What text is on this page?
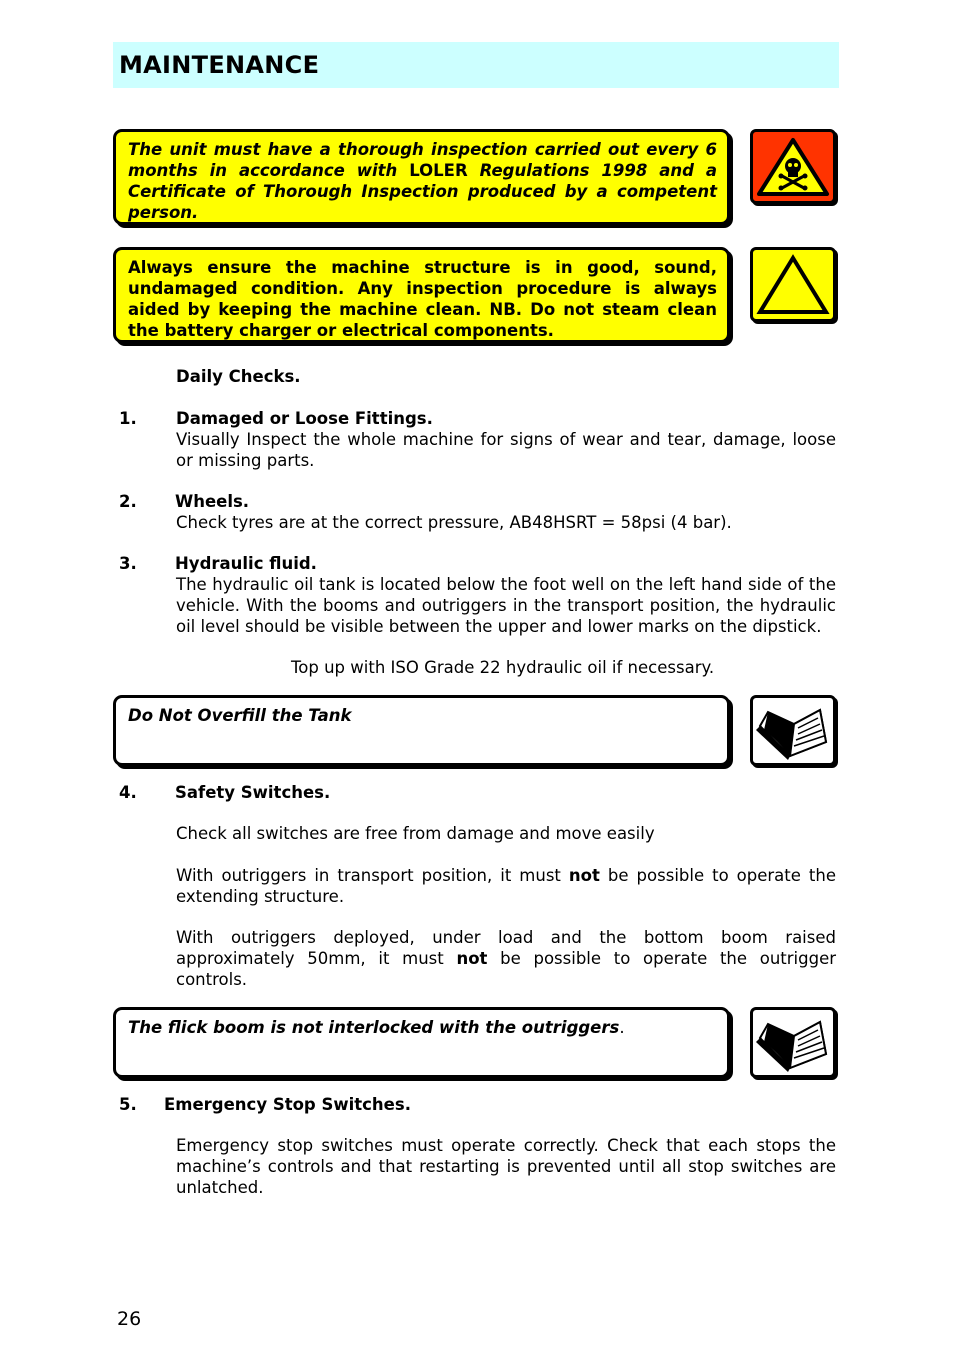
MAINTENANCE
The unit must have a thorough inspection carried out every 6 months in accordance with LOLER Regulations 1998 and a Certificate of Thorough Inspection produced by a competent person.
Always ensure the machine structure is in good, sound, undamaged condition. Any inspection procedure is always aided by keeping the machine clean. NB. Do not steam clean the battery charger or electrical components.
Daily Checks.
1. Damaged or Loose Fittings.
Visually Inspect the whole machine for signs of wear and tear, damage, loose or missing parts.
2. Wheels.
Check tyres are at the correct pressure, AB48HSRT = 58psi (4 bar).
3. Hydraulic fluid.
The hydraulic oil tank is located below the foot well on the left hand side of the vehicle. With the booms and outriggers in the transport position, the hydraulic oil level should be visible between the upper and lower marks on the dipstick.
Top up with ISO Grade 22 hydraulic oil if necessary.
Do Not Overfill the Tank
4. Safety Switches.
Check all switches are free from damage and move easily
With outriggers in transport position, it must not be possible to operate the extending structure.
With outriggers deployed, under load and the bottom boom raised approximately 50mm, it must not be possible to operate the outrigger controls.
The flick boom is not interlocked with the outriggers.
5. Emergency Stop Switches.
Emergency stop switches must operate correctly. Check that each stops the machine’s controls and that restarting is prevented until all stop switches are unlatched.
26
